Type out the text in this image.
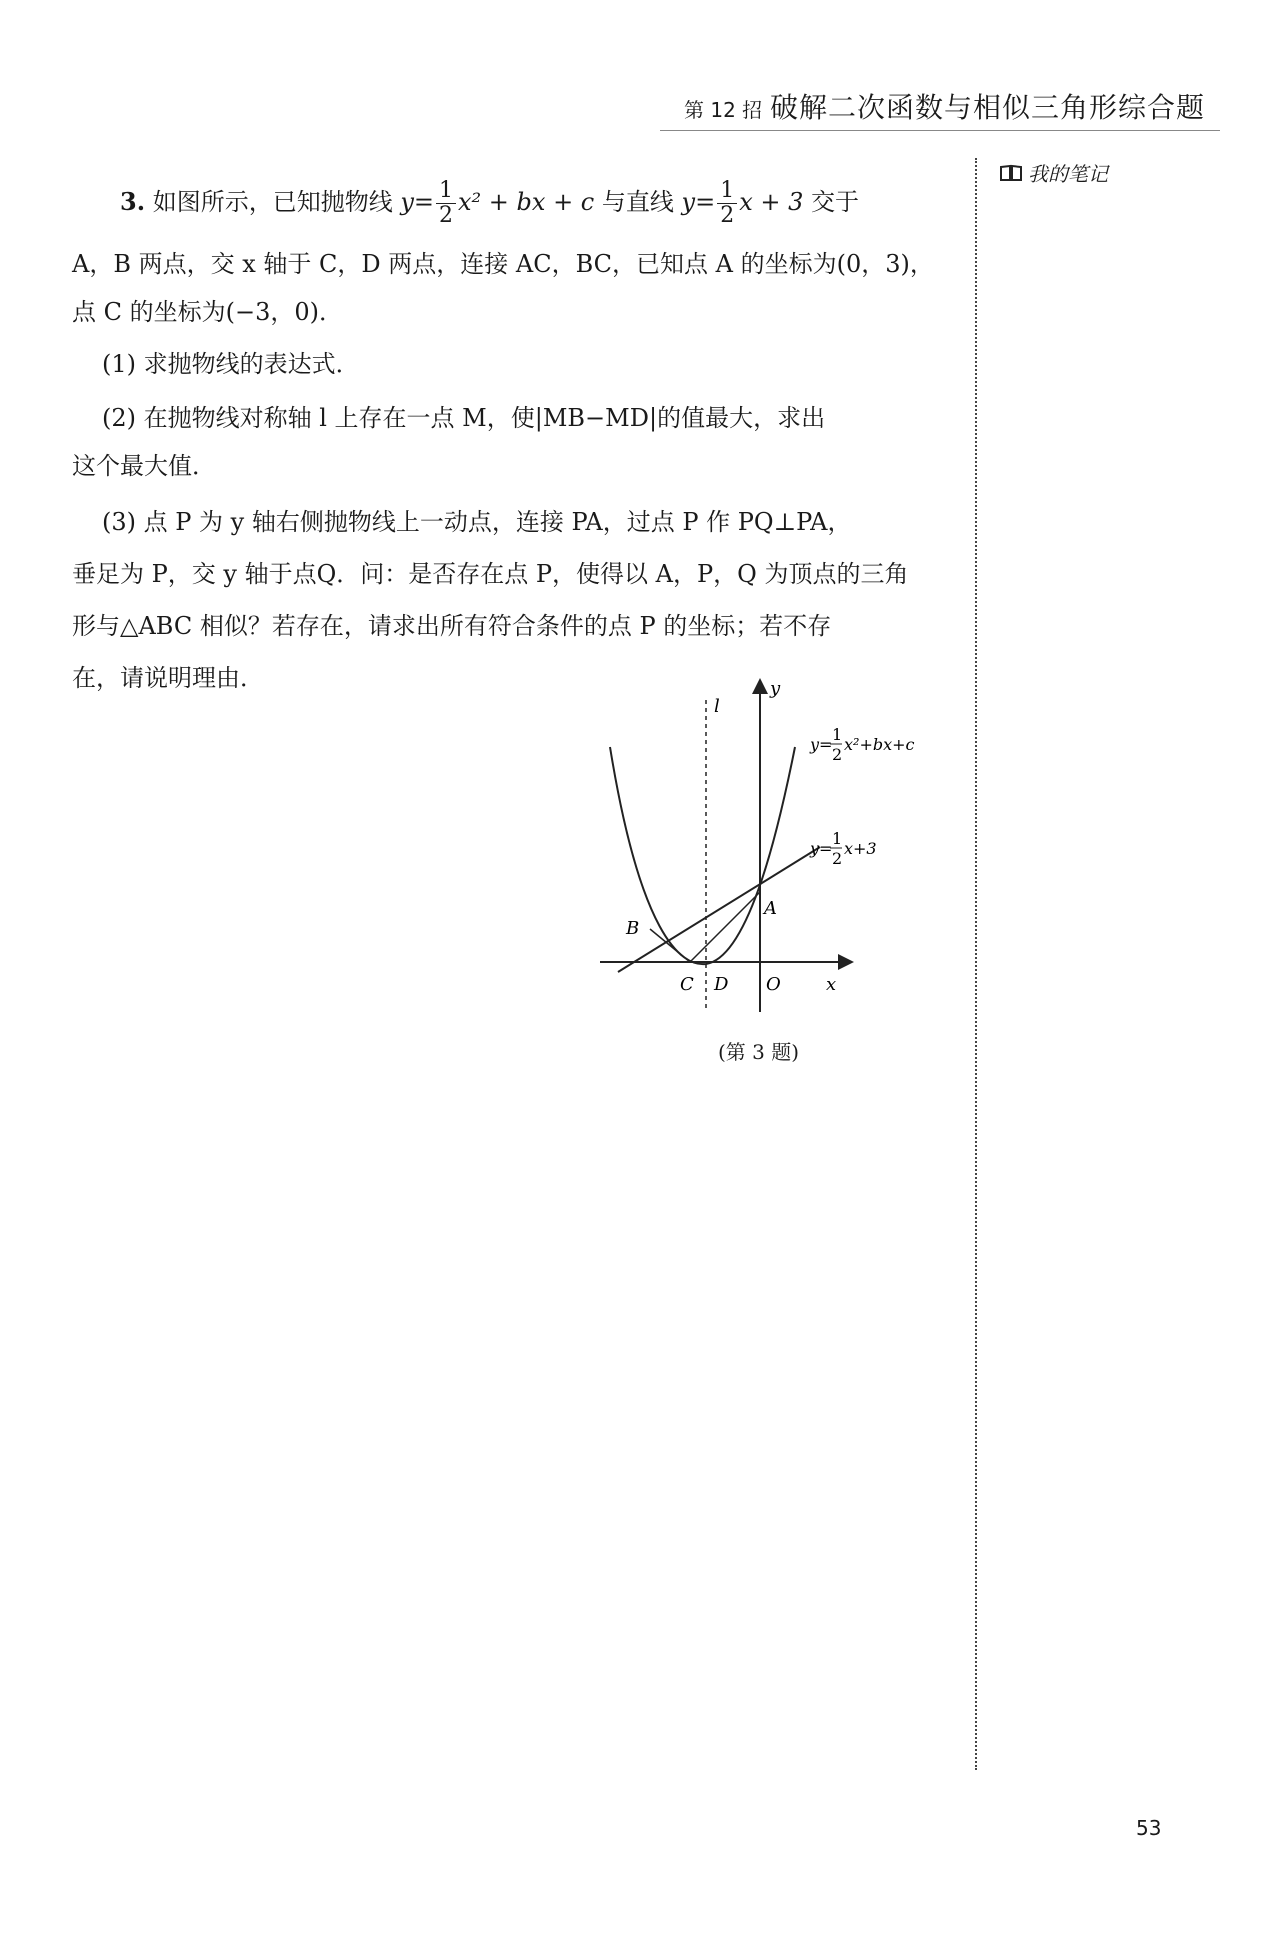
第 12 招 破解二次函数与相似三角形综合题
我的笔记
3. 如图所示，已知抛物线 $y= \frac{1}{2} x^2$ + bx + c 与直线 $y= \frac{1}{2}$ x + 3 交于
A，B 两点，交 x 轴于 C，D 两点，连接 AC，BC，已知点 A 的坐标为(0，3)，
点 C 的坐标为(−3，0)．
(1) 求抛物线的表达式．
(2) 在抛物线对称轴 l 上存在一点 M，使|MB−MD|的值最大，求出
这个最大值．
(3) 点 P 为 y 轴右侧抛物线上一动点，连接 PA，过点 P 作 PQ⊥PA，
垂足为 P，交 y 轴于点Q．问：是否存在点 P，使得以 A，P，Q 为顶点的三角
形与△ABC 相似？若存在，请求出所有符合条件的点 P 的坐标；若不存
在，请说明理由．
l
y
x
A
B
C D O
y=
1
2
x²+bx+c
y=
1
2
x+3
(第 3 题)
53
